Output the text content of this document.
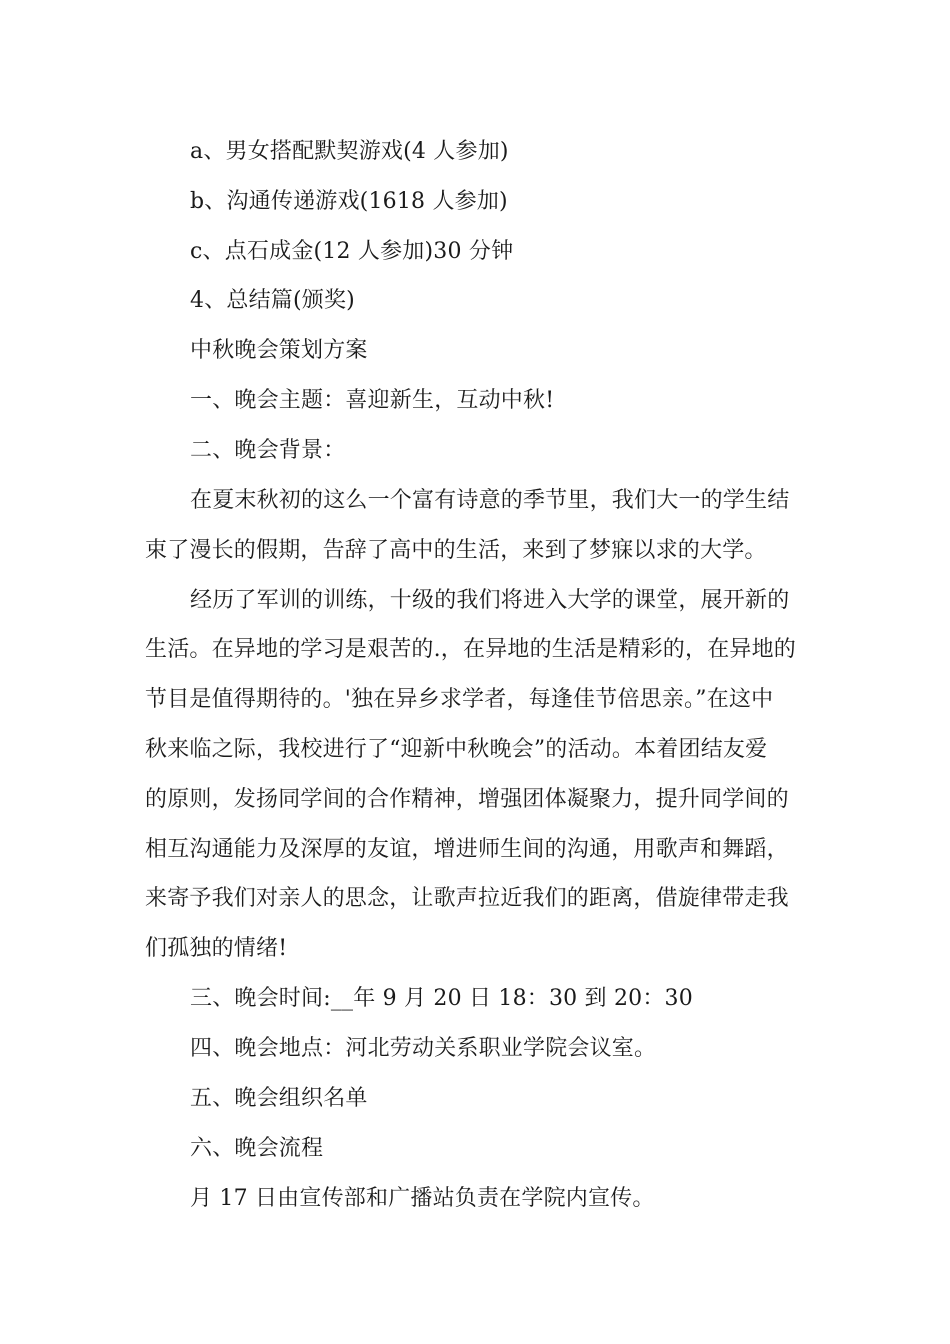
a、男女搭配默契游戏(4 人参加)
b、沟通传递游戏(1618 人参加)
c、点石成金(12 人参加)30 分钟
4、总结篇(颁奖)
中秋晚会策划方案
一、晚会主题：喜迎新生，互动中秋!
二、晚会背景：
在夏末秋初的这么一个富有诗意的季节里，我们大一的学生结
束了漫长的假期，告辞了高中的生活，来到了梦寐以求的大学。
经历了军训的训练，十级的我们将进入大学的课堂，展开新的
生活。在异地的学习是艰苦的.，在异地的生活是精彩的，在异地的
节目是值得期待的。'独在异乡求学者，每逢佳节倍思亲。”在这中
秋来临之际，我校进行了“迎新中秋晚会”的活动。本着团结友爱
的原则，发扬同学间的合作精神，增强团体凝聚力，提升同学间的
相互沟通能力及深厚的友谊，增进师生间的沟通，用歌声和舞蹈，
来寄予我们对亲人的思念，让歌声拉近我们的距离，借旋律带走我
们孤独的情绪!
三、晚会时间:__年 9 月 20 日 18：30 到 20：30
四、晚会地点：河北劳动关系职业学院会议室。
五、晚会组织名单
六、晚会流程
月 17 日由宣传部和广播站负责在学院内宣传。
